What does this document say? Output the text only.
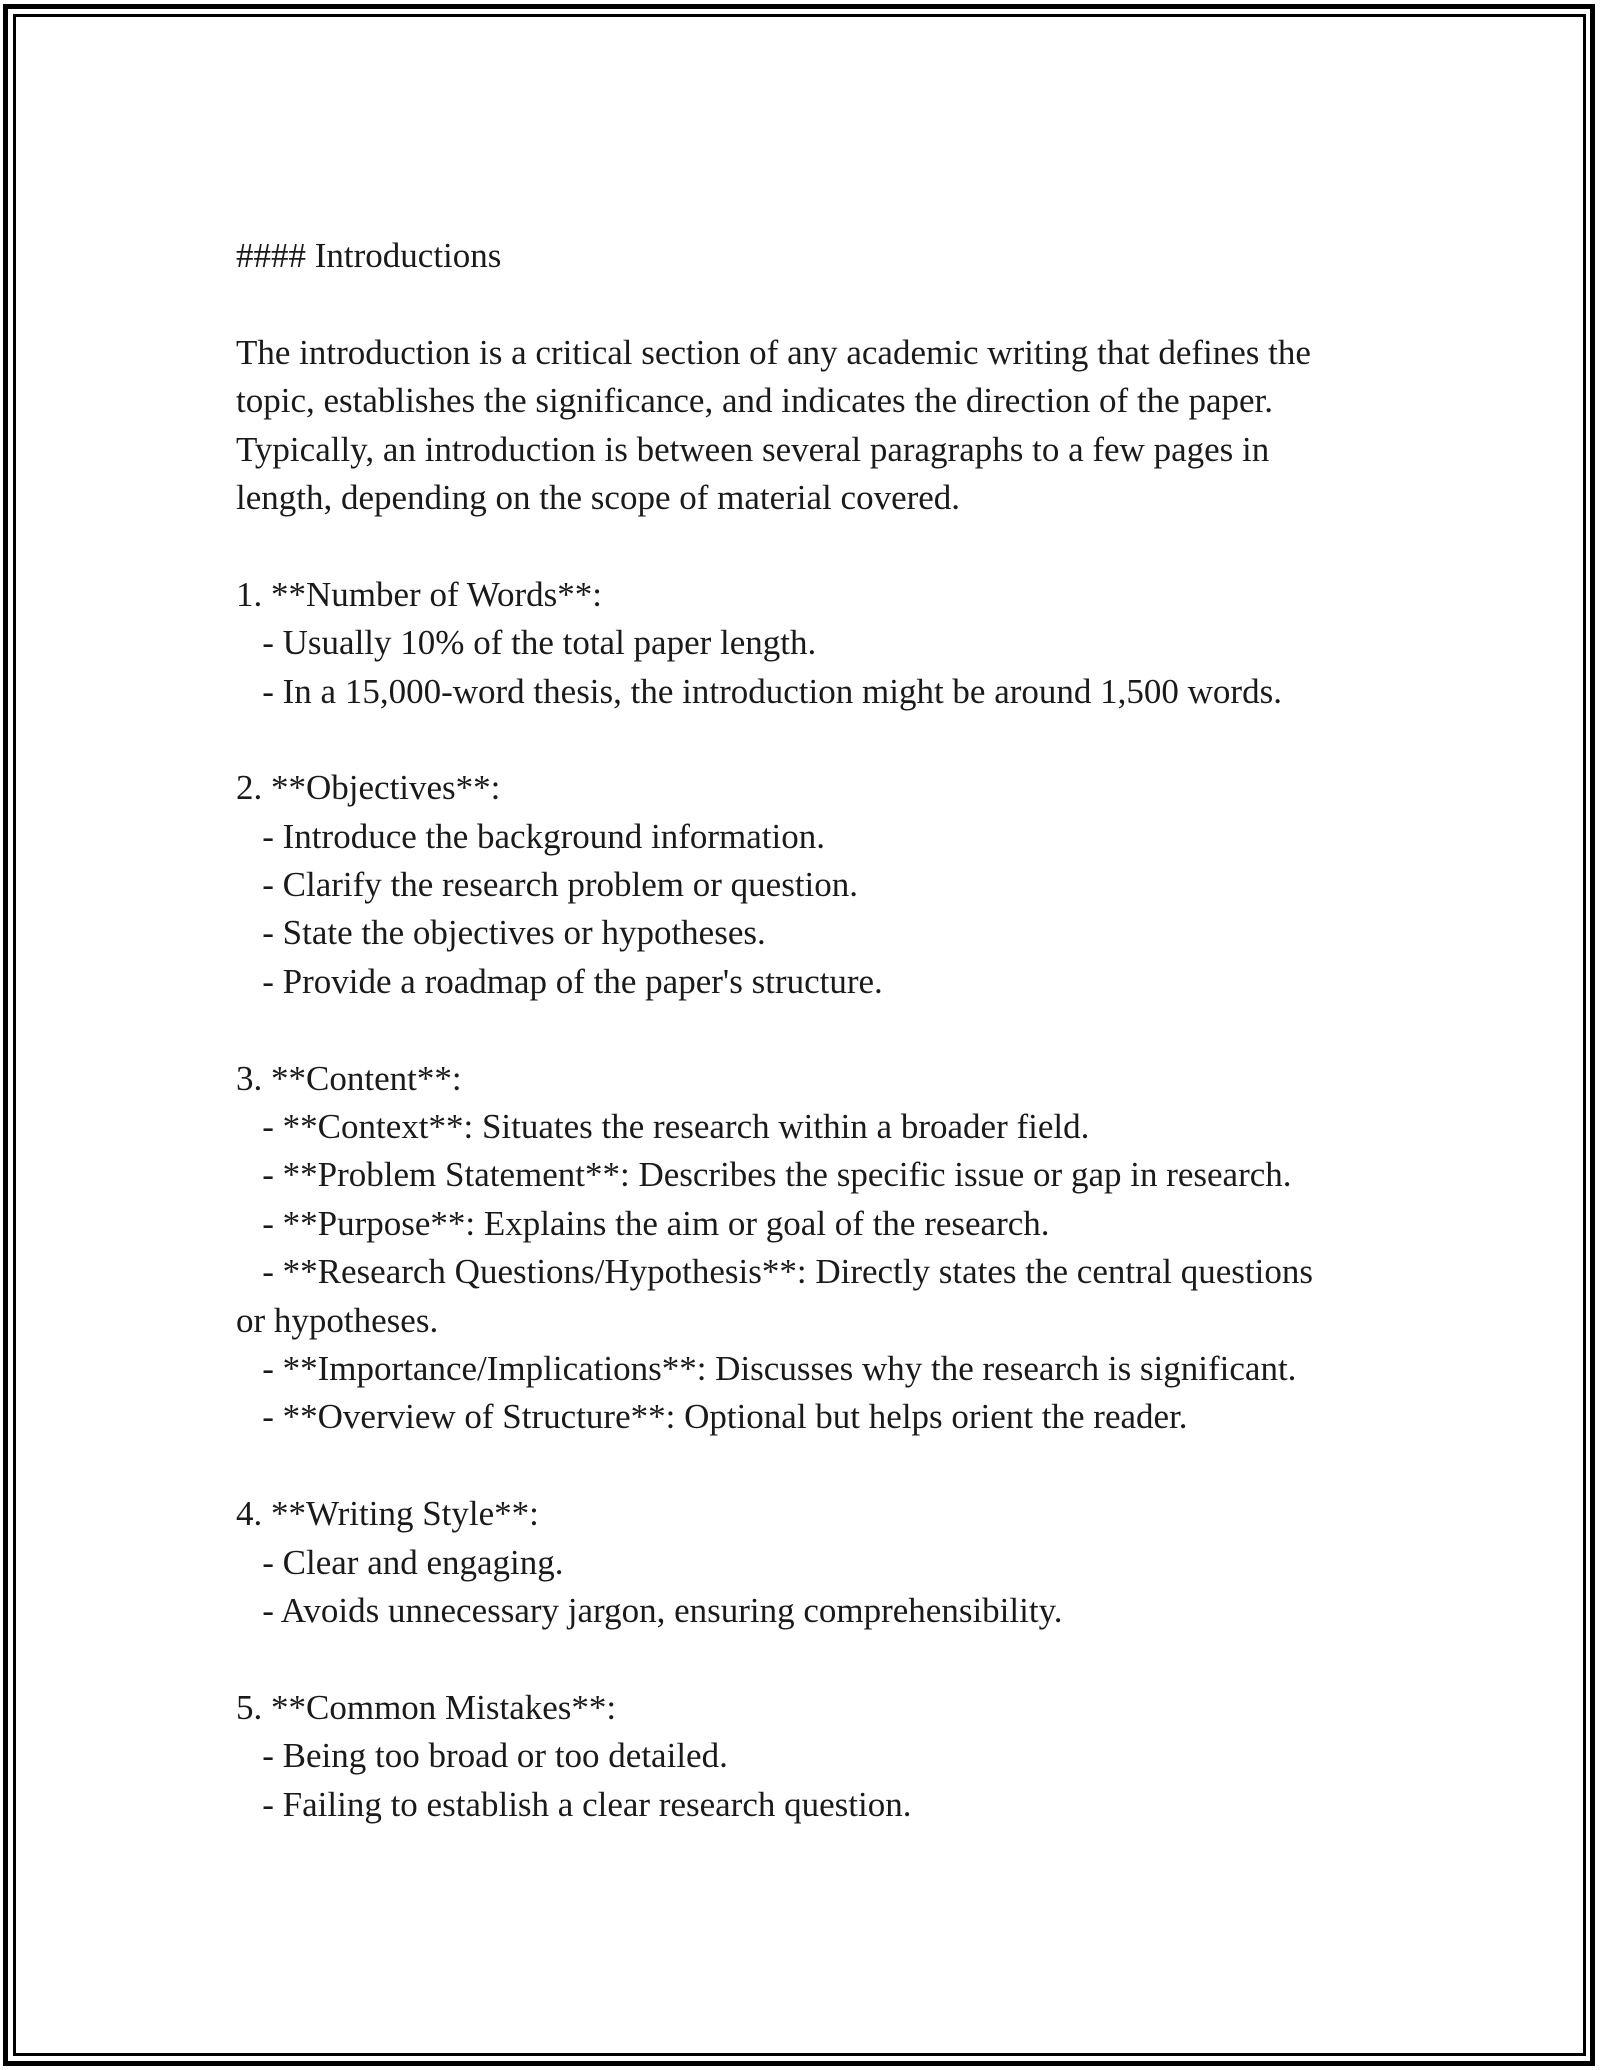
#### Introductions
The introduction is a critical section of any academic writing that defines the
topic, establishes the significance, and indicates the direction of the paper.
Typically, an introduction is between several paragraphs to a few pages in
length, depending on the scope of material covered.
1. **Number of Words**:
- Usually 10% of the total paper length.
- In a 15,000-word thesis, the introduction might be around 1,500 words.
2. **Objectives**:
- Introduce the background information.
- Clarify the research problem or question.
- State the objectives or hypotheses.
- Provide a roadmap of the paper's structure.
3. **Content**:
- **Context**: Situates the research within a broader field.
- **Problem Statement**: Describes the specific issue or gap in research.
- **Purpose**: Explains the aim or goal of the research.
- **Research Questions/Hypothesis**: Directly states the central questions
or hypotheses.
- **Importance/Implications**: Discusses why the research is significant.
- **Overview of Structure**: Optional but helps orient the reader.
4. **Writing Style**:
- Clear and engaging.
- Avoids unnecessary jargon, ensuring comprehensibility.
5. **Common Mistakes**:
- Being too broad or too detailed.
- Failing to establish a clear research question.
